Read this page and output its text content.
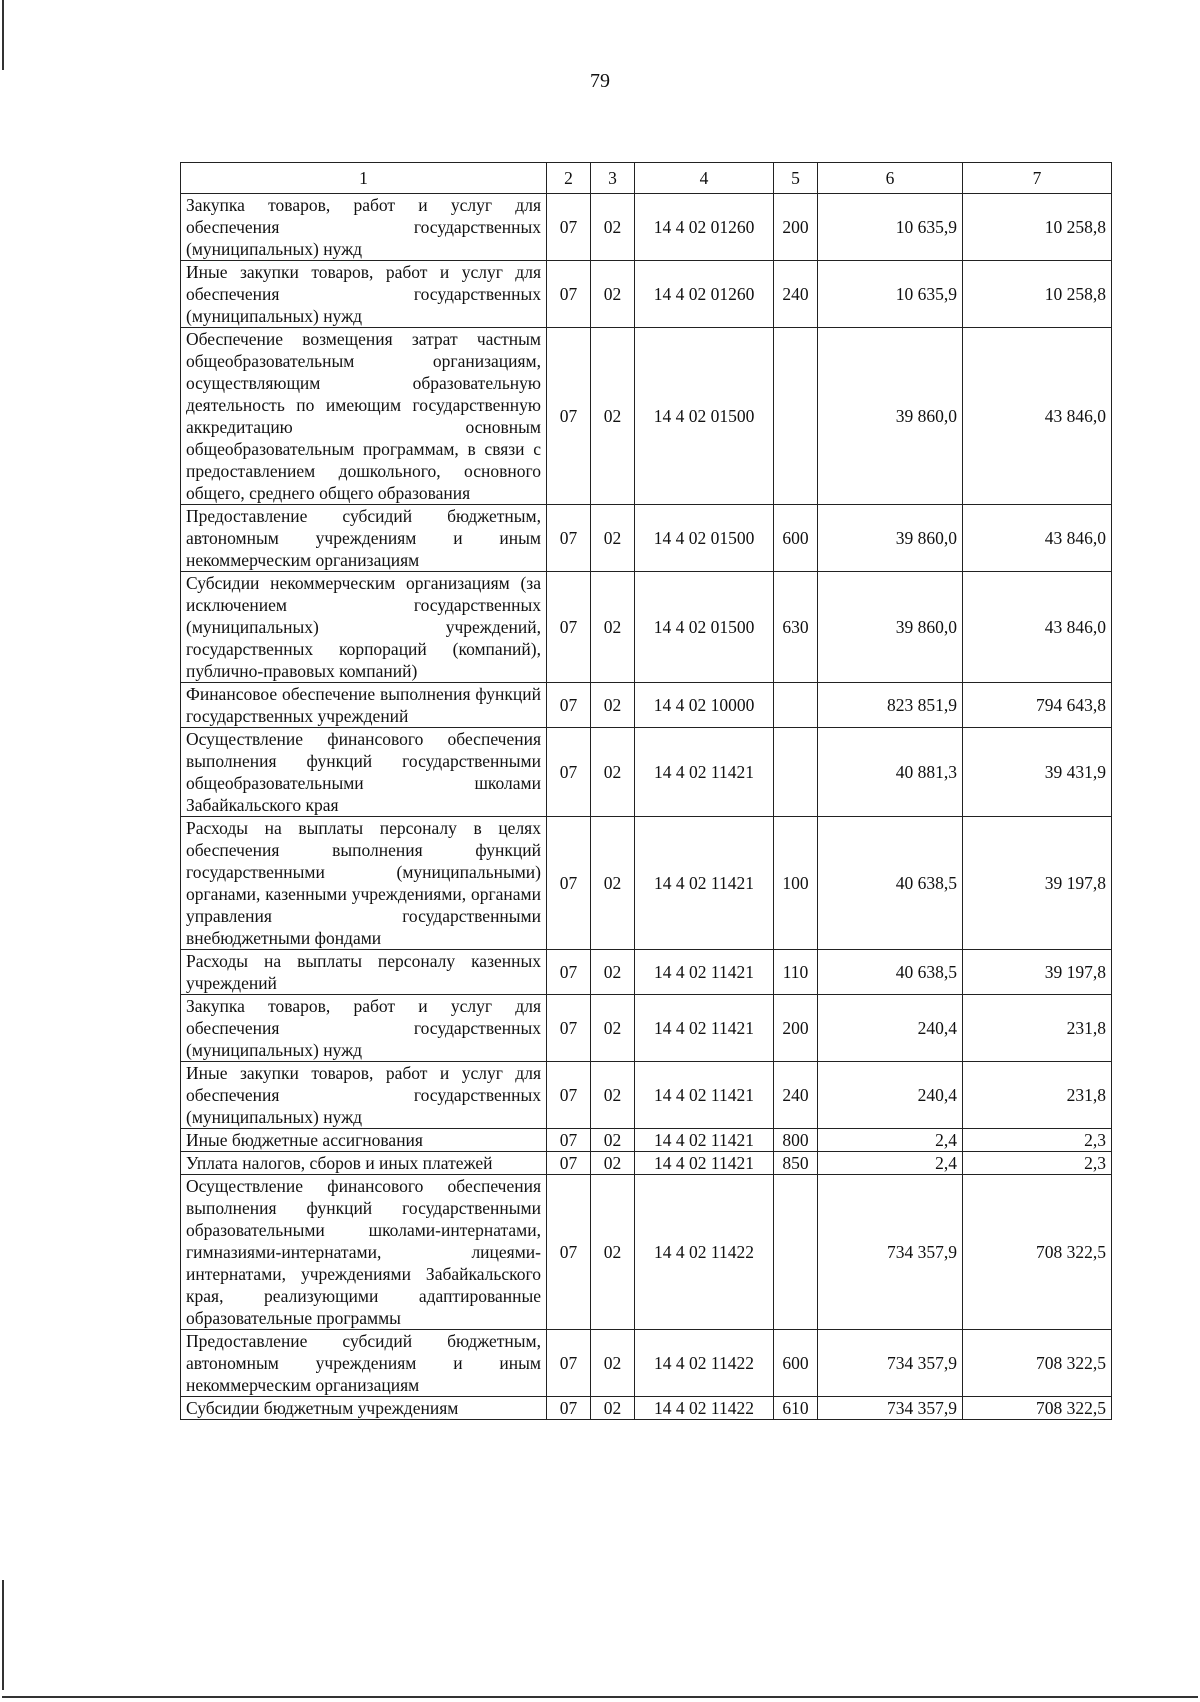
79
1	2	3	4	5	6	7
Закупка товаров, работ и услуг для обеспечения государственных (муниципальных) нужд	07	02	14 4 02 01260	200	10 635,9	10 258,8
Иные закупки товаров, работ и услуг для обеспечения государственных (муниципальных) нужд	07	02	14 4 02 01260	240	10 635,9	10 258,8
Обеспечение возмещения затрат частным общеобразовательным организациям, осуществляющим образовательную деятельность по имеющим государственную аккредитацию основным общеобразовательным программам, в связи с предоставлением дошкольного, основного общего, среднего общего образования	07	02	14 4 02 01500		39 860,0	43 846,0
Предоставление субсидий бюджетным, автономным учреждениям и иным некоммерческим организациям	07	02	14 4 02 01500	600	39 860,0	43 846,0
Субсидии некоммерческим организациям (за исключением государственных (муниципальных) учреждений, государственных корпораций (компаний), публично-правовых компаний)	07	02	14 4 02 01500	630	39 860,0	43 846,0
Финансовое обеспечение выполнения функций государственных учреждений	07	02	14 4 02 10000		823 851,9	794 643,8
Осуществление финансового обеспечения выполнения функций государственными общеобразовательными школами Забайкальского края	07	02	14 4 02 11421		40 881,3	39 431,9
Расходы на выплаты персоналу в целях обеспечения выполнения функций государственными (муниципальными) органами, казенными учреждениями, органами управления государственными внебюджетными фондами	07	02	14 4 02 11421	100	40 638,5	39 197,8
Расходы на выплаты персоналу казенных учреждений	07	02	14 4 02 11421	110	40 638,5	39 197,8
Закупка товаров, работ и услуг для обеспечения государственных (муниципальных) нужд	07	02	14 4 02 11421	200	240,4	231,8
Иные закупки товаров, работ и услуг для обеспечения государственных (муниципальных) нужд	07	02	14 4 02 11421	240	240,4	231,8
Иные бюджетные ассигнования	07	02	14 4 02 11421	800	2,4	2,3
Уплата налогов, сборов и иных платежей	07	02	14 4 02 11421	850	2,4	2,3
Осуществление финансового обеспечения выполнения функций государственными образовательными школами-интернатами, гимназиями-интернатами, лицеями-интернатами, учреждениями Забайкальского края, реализующими адаптированные образовательные программы	07	02	14 4 02 11422		734 357,9	708 322,5
Предоставление субсидий бюджетным, автономным учреждениям и иным некоммерческим организациям	07	02	14 4 02 11422	600	734 357,9	708 322,5
Субсидии бюджетным учреждениям	07	02	14 4 02 11422	610	734 357,9	708 322,5
